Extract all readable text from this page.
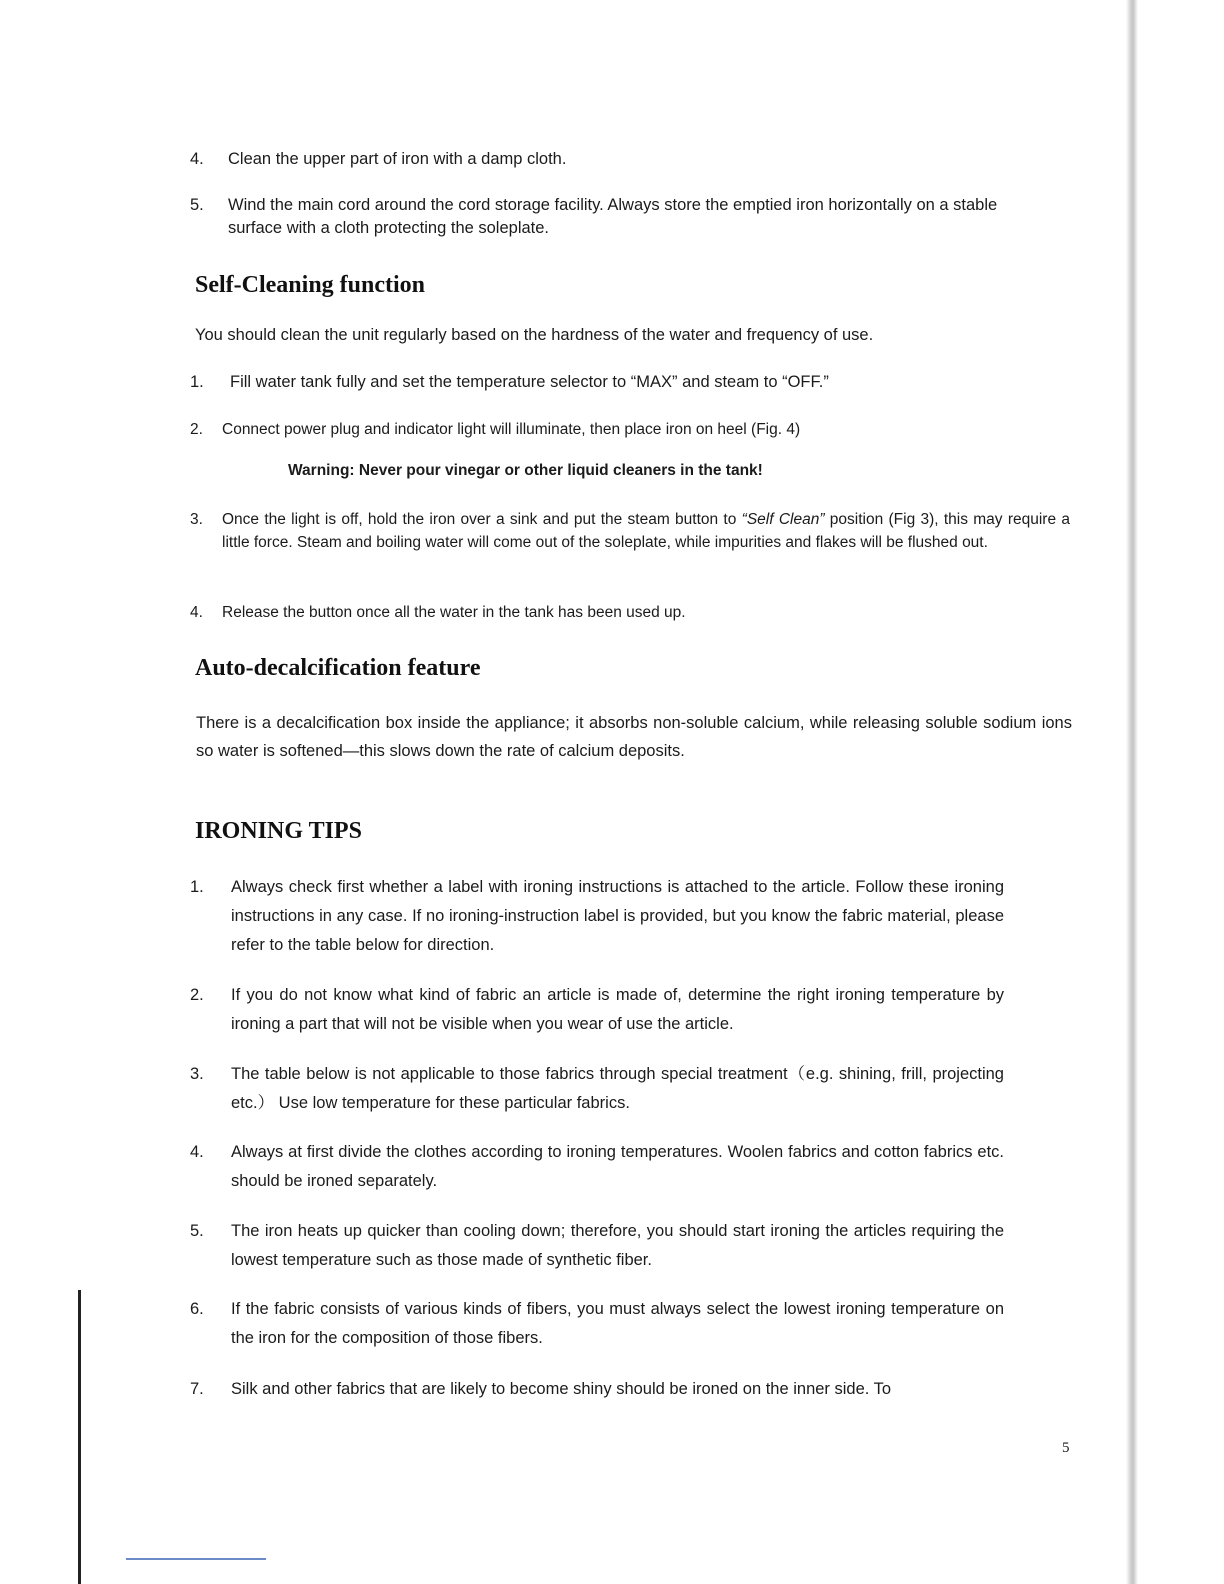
4. Clean the upper part of iron with a damp cloth.
5. Wind the main cord around the cord storage facility. Always store the emptied iron horizontally on a stable surface with a cloth protecting the soleplate.
Self-Cleaning function
You should clean the unit regularly based on the hardness of the water and frequency of use.
1. Fill water tank fully and set the temperature selector to “MAX” and steam to “OFF.”
2. Connect power plug and indicator light will illuminate, then place iron on heel (Fig. 4)
Warning: Never pour vinegar or other liquid cleaners in the tank!
3. Once the light is off, hold the iron over a sink and put the steam button to “Self Clean” position (Fig 3), this may require a little force. Steam and boiling water will come out of the soleplate, while impurities and flakes will be flushed out.
4. Release the button once all the water in the tank has been used up.
Auto-decalcification feature
There is a decalcification box inside the appliance; it absorbs non-soluble calcium, while releasing soluble sodium ions so water is softened—this slows down the rate of calcium deposits.
IRONING TIPS
1. Always check first whether a label with ironing instructions is attached to the article. Follow these ironing instructions in any case. If no ironing-instruction label is provided, but you know the fabric material, please refer to the table below for direction.
2. If you do not know what kind of fabric an article is made of, determine the right ironing temperature by ironing a part that will not be visible when you wear of use the article.
3. The table below is not applicable to those fabrics through special treatment（e.g. shining, frill, projecting etc.） Use low temperature for these particular fabrics.
4. Always at first divide the clothes according to ironing temperatures. Woolen fabrics and cotton fabrics etc. should be ironed separately.
5. The iron heats up quicker than cooling down; therefore, you should start ironing the articles requiring the lowest temperature such as those made of synthetic fiber.
6. If the fabric consists of various kinds of fibers, you must always select the lowest ironing temperature on the iron for the composition of those fibers.
7. Silk and other fabrics that are likely to become shiny should be ironed on the inner side. To
5
